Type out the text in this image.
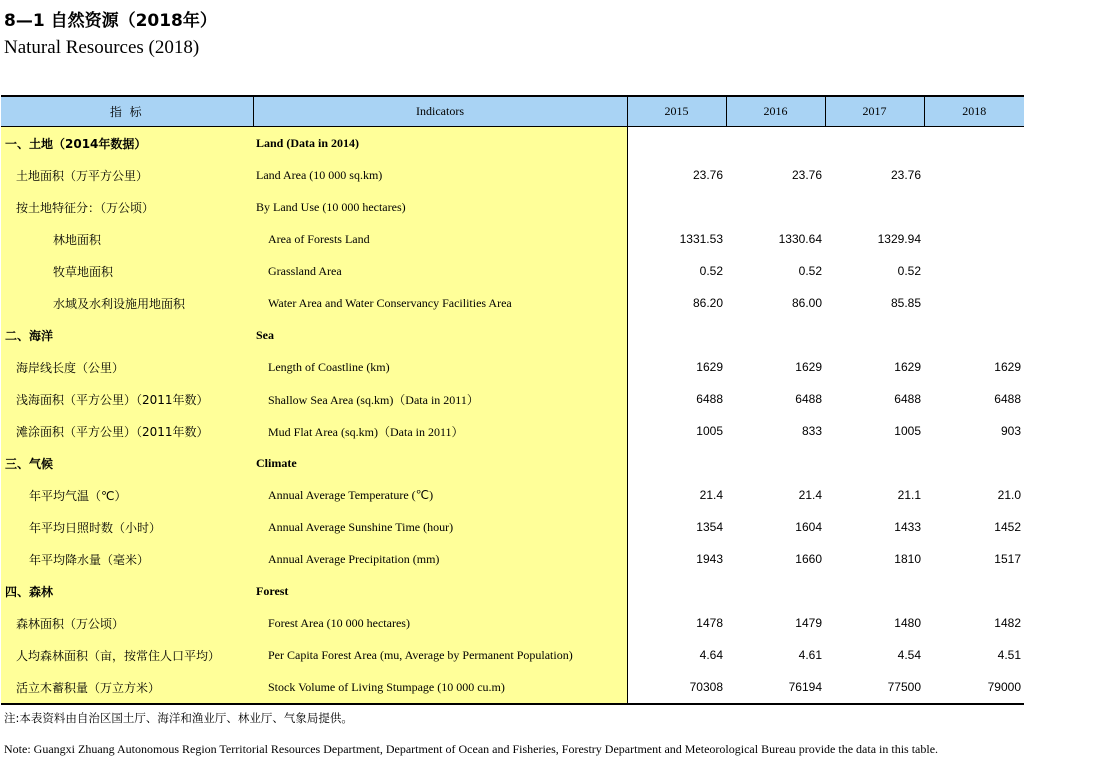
8—1 自然资源（2018年）
Natural Resources (2018)
指 标	Indicators	2015	2016	2017	2018
一、土地（2014年数据）	Land (Data in 2014)				
土地面积（万平方公里）	Land Area (10 000 sq.km)	23.76	23.76	23.76	
按土地特征分：（万公顷）	By Land Use (10 000 hectares)				
林地面积	Area of Forests Land	1331.53	1330.64	1329.94	
牧草地面积	Grassland Area	0.52	0.52	0.52	
水域及水利设施用地面积	Water Area and Water Conservancy Facilities Area	86.20	86.00	85.85	
二、海洋	Sea				
海岸线长度（公里）	Length of Coastline (km)	1629	1629	1629	1629
浅海面积（平方公里）（2011年数）	Shallow Sea Area (sq.km)（Data in 2011）	6488	6488	6488	6488
滩涂面积（平方公里）（2011年数）	Mud Flat Area (sq.km)（Data in 2011）	1005	833	1005	903
三、气候	Climate				
年平均气温（℃）	Annual Average Temperature (℃)	21.4	21.4	21.1	21.0
年平均日照时数（小时）	Annual Average Sunshine Time (hour)	1354	1604	1433	1452
年平均降水量（毫米）	Annual Average Precipitation (mm)	1943	1660	1810	1517
四、森林	Forest				
森林面积（万公顷）	Forest Area (10 000 hectares)	1478	1479	1480	1482
人均森林面积（亩，按常住人口平均）	Per Capita Forest Area (mu, Average by Permanent Population)	4.64	4.61	4.54	4.51
活立木蓄积量（万立方米）	Stock Volume of Living Stumpage (10 000 cu.m)	70308	76194	77500	79000
注:本表资料由自治区国土厅、海洋和渔业厅、林业厅、气象局提供。
Note: Guangxi Zhuang Autonomous Region Territorial Resources Department, Department of Ocean and Fisheries, Forestry Department and Meteorological Bureau provide the data in this table.
